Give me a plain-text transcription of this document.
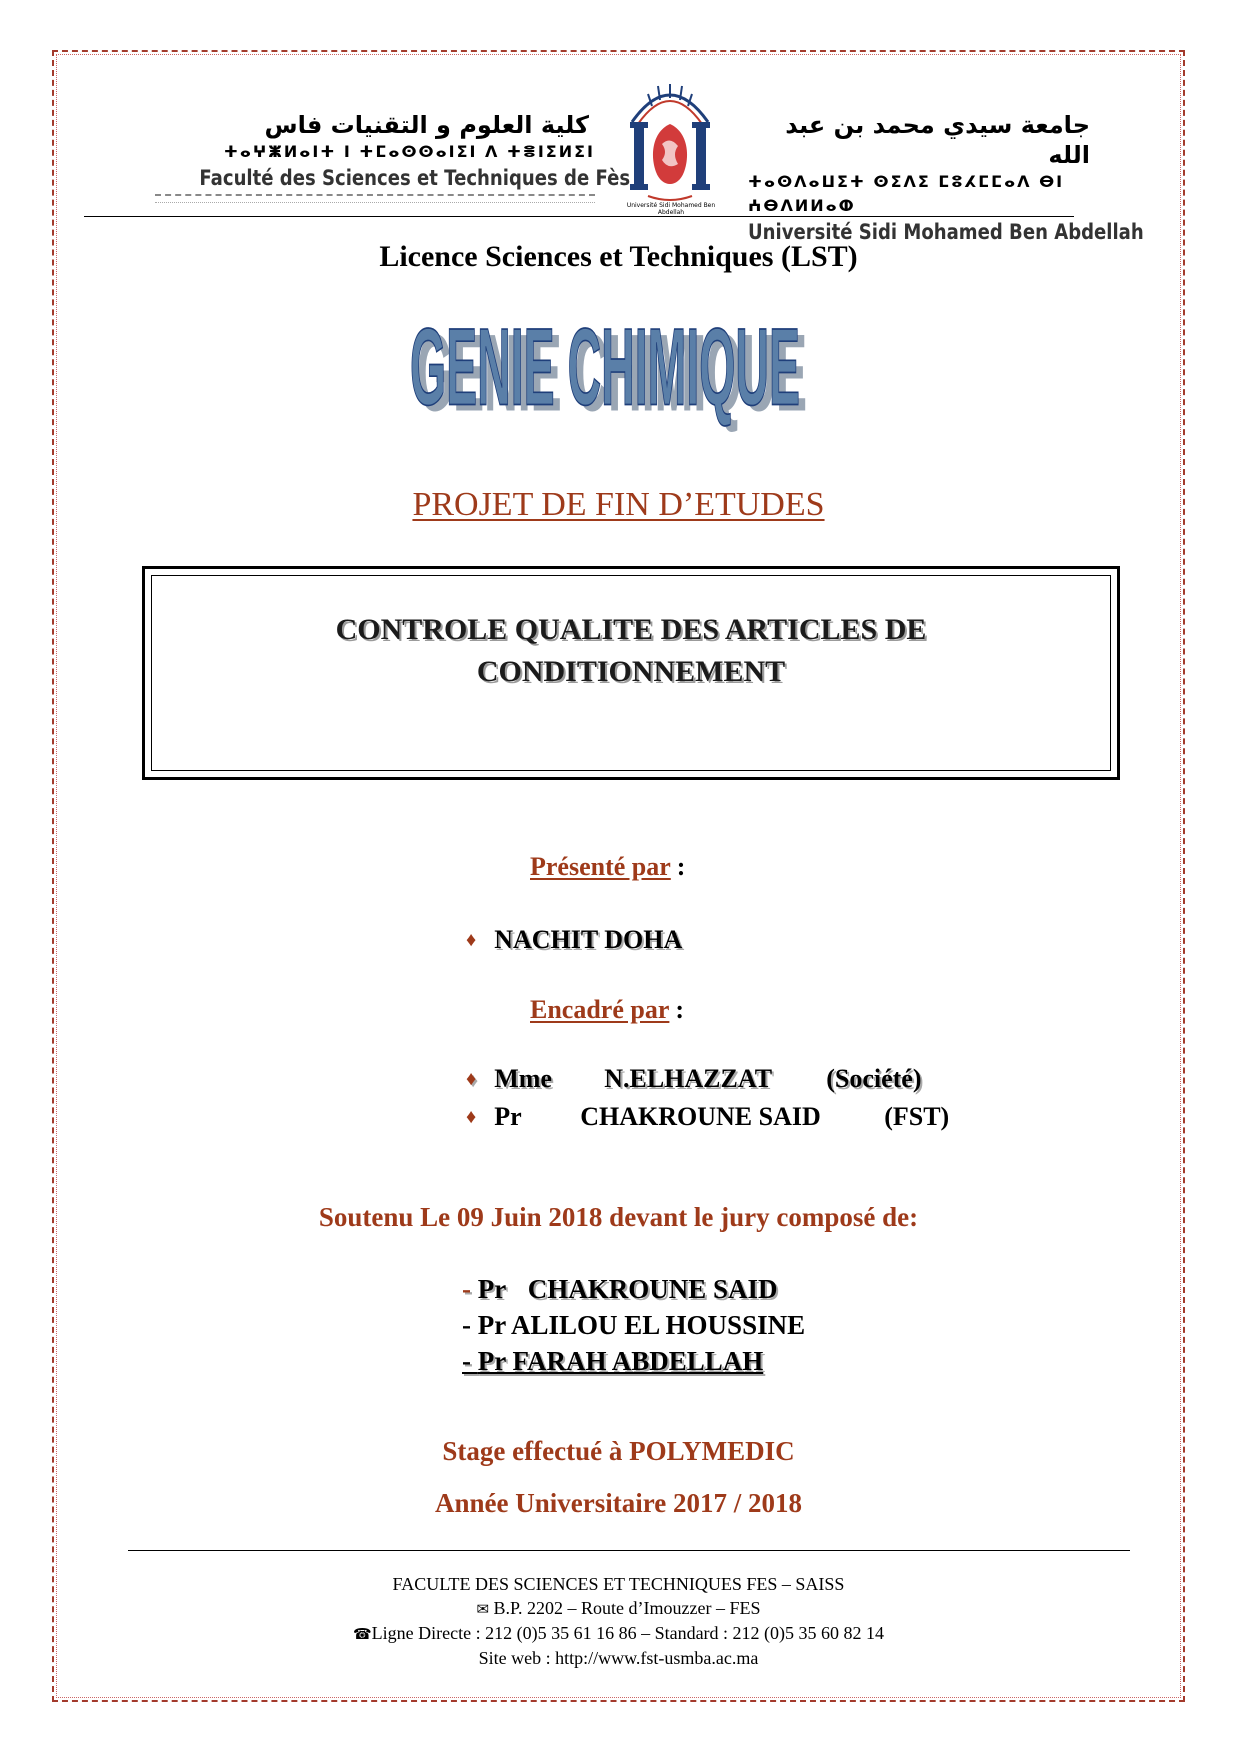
كلية العلوم و التقنيات فاس
ⵜⴰⵖⵥⵍⴰⵏⵜ ⵏ ⵜⵎⴰⵙⵙⴰⵏⵉⵏ ⴷ ⵜⴻⵏⵉⵍⵉⵏ
Faculté des Sciences et Techniques de Fès
Université Sidi Mohamed Ben Abdellah
جامعة سيدي محمد بن عبد الله
ⵜⴰⵙⴷⴰⵡⵉⵜ ⵙⵉⴷⵉ ⵎⵓⵃⵎⵎⴰⴷ ⴱⵏ ⵄⴱⴷⵍⵍⴰⵀ
Université Sidi Mohamed Ben Abdellah
Licence Sciences et Techniques (LST)
GENIE CHIMIQUE
GENIE CHIMIQUE
PROJET DE FIN D’ETUDES
CONTROLE QUALITE DES ARTICLES DE
CONDITIONNEMENT
Présenté par :
♦ NACHIT DOHA
Encadré par :
♦ Mme N.ELHAZZAT (Société)
♦ Pr CHAKROUNE SAID (FST)
Soutenu Le 09 Juin 2018 devant le jury composé de:
- Pr CHAKROUNE SAID
- Pr ALILOU EL HOUSSINE
- Pr FARAH ABDELLAH
Stage effectué à POLYMEDIC
Année Universitaire 2017 / 2018
FACULTE DES SCIENCES ET TECHNIQUES FES – SAISS
✉ B.P. 2202 – Route d’Imouzzer – FES
☎Ligne Directe : 212 (0)5 35 61 16 86 – Standard : 212 (0)5 35 60 82 14
Site web : http://www.fst-usmba.ac.ma
